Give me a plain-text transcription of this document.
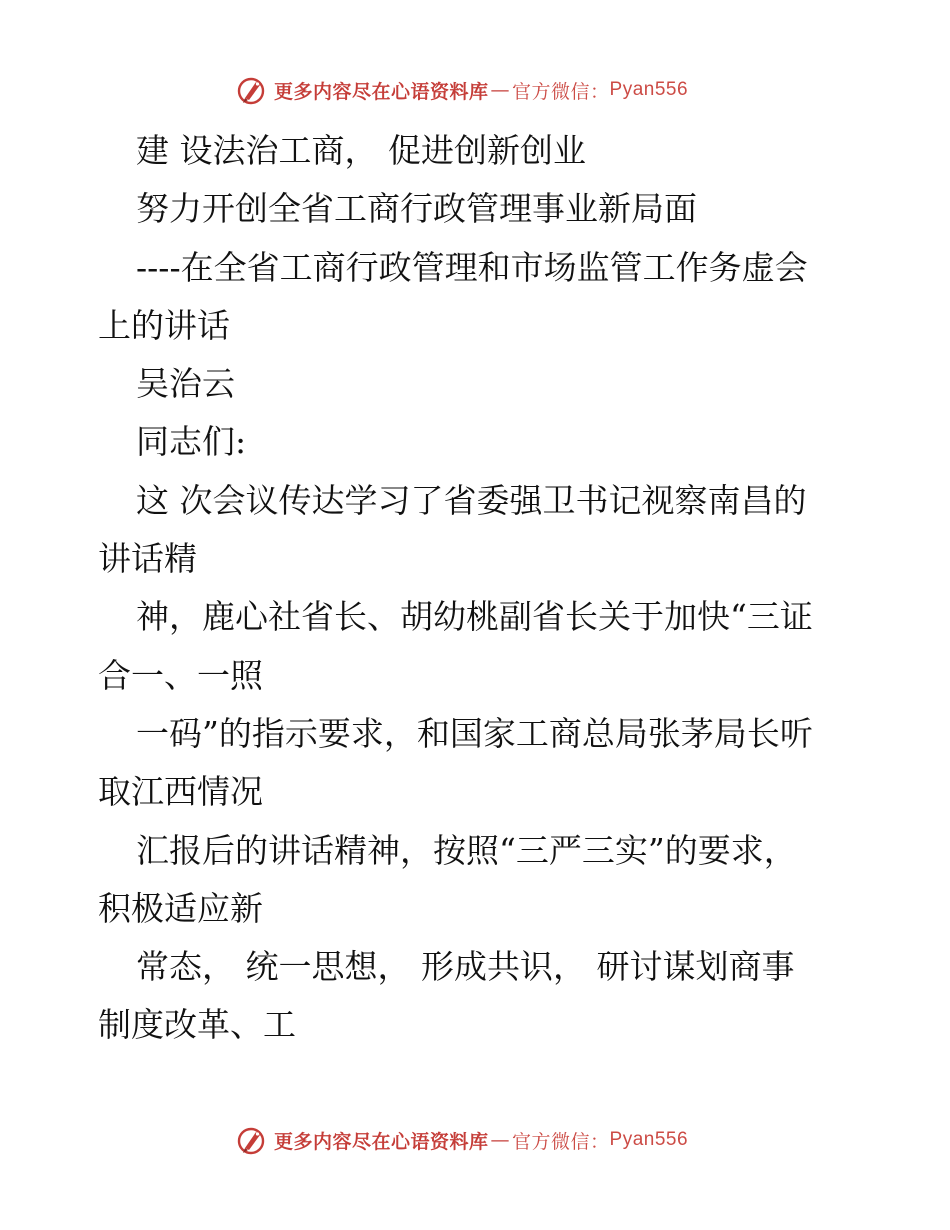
更多内容尽在心语资料库 — 官方微信： Pyan556
建 设法治工商， 促进创新创业
努力开创全省工商行政管理事业新局面
----在全省工商行政管理和市场监管工作务虚会
上的讲话
吴治云
同志们:
这 次会议传达学习了省委强卫书记视察南昌的
讲话精
神，鹿心社省长、胡幼桃副省长关于加快“三证
合一、一照
一码”的指示要求，和国家工商总局张茅局长听
取江西情况
汇报后的讲话精神，按照“三严三实”的要求，
积极适应新
常态， 统一思想， 形成共识， 研讨谋划商事
制度改革、工
更多内容尽在心语资料库 — 官方微信： Pyan556
